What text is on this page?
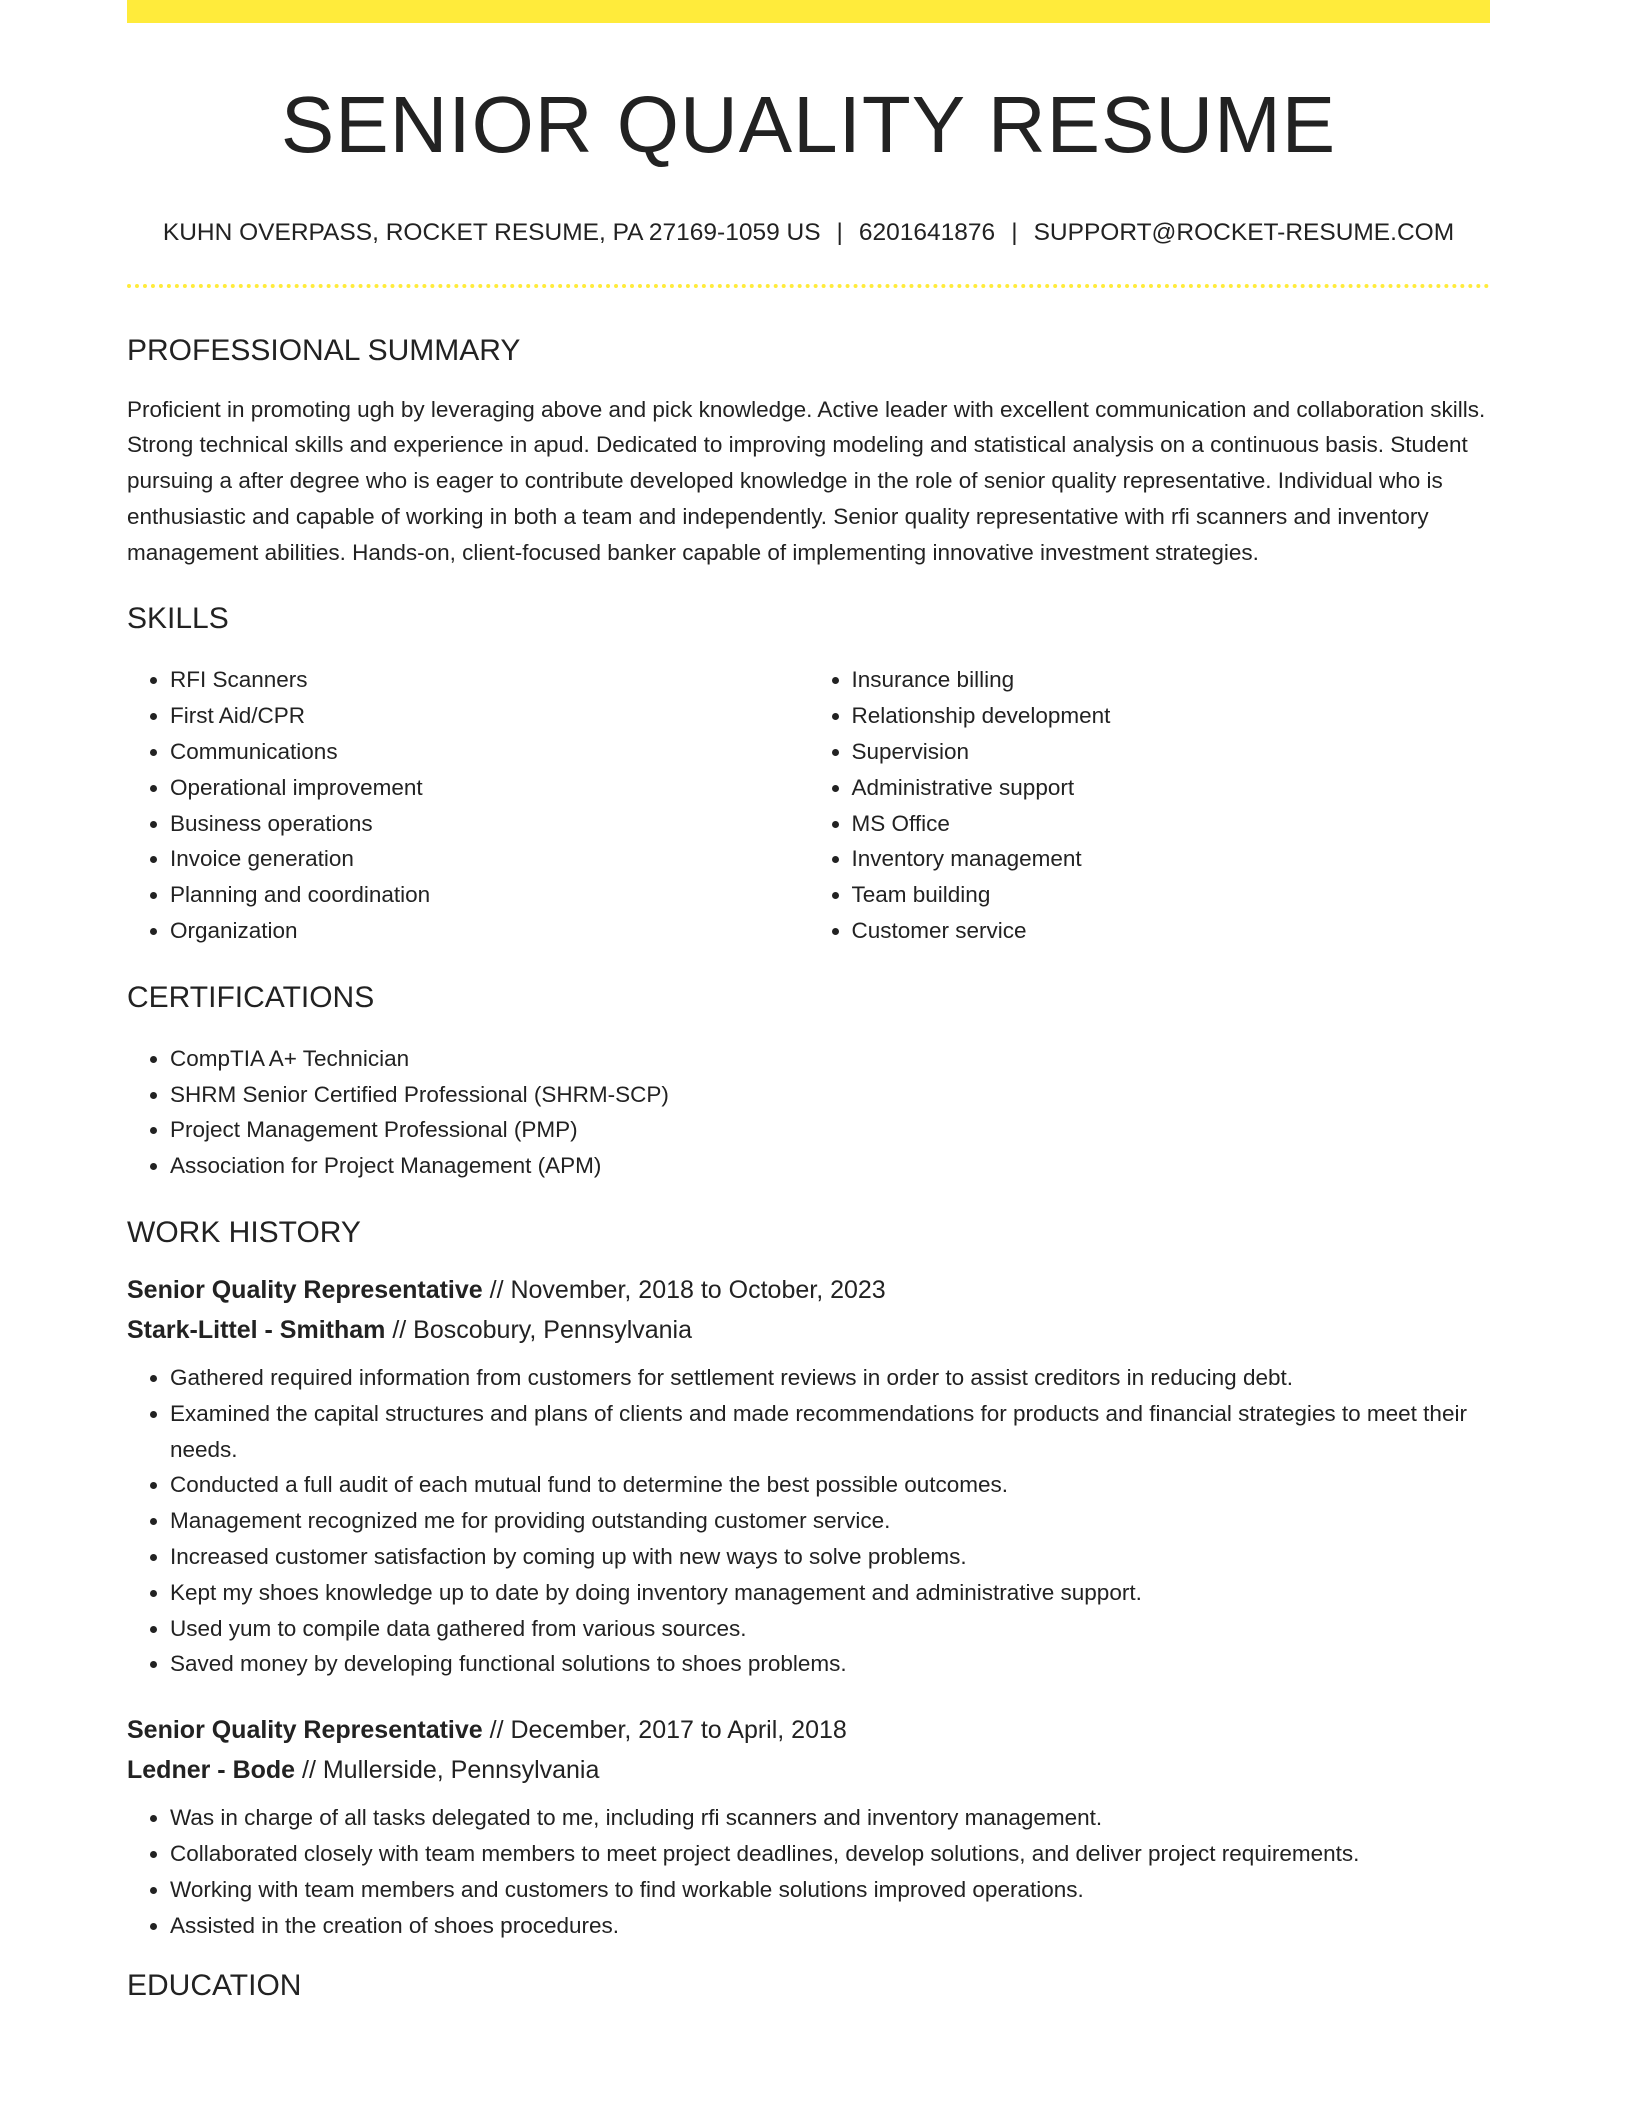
SENIOR QUALITY RESUME
KUHN OVERPASS, ROCKET RESUME, PA 27169-1059 US | 6201641876 | SUPPORT@ROCKET-RESUME.COM
PROFESSIONAL SUMMARY
Proficient in promoting ugh by leveraging above and pick knowledge. Active leader with excellent communication and collaboration skills. Strong technical skills and experience in apud. Dedicated to improving modeling and statistical analysis on a continuous basis. Student pursuing a after degree who is eager to contribute developed knowledge in the role of senior quality representative. Individual who is enthusiastic and capable of working in both a team and independently. Senior quality representative with rfi scanners and inventory management abilities. Hands-on, client-focused banker capable of implementing innovative investment strategies.
SKILLS
• RFI Scanners
• First Aid/CPR
• Communications
• Operational improvement
• Business operations
• Invoice generation
• Planning and coordination
• Organization
• Insurance billing
• Relationship development
• Supervision
• Administrative support
• MS Office
• Inventory management
• Team building
• Customer service
CERTIFICATIONS
• CompTIA A+ Technician
• SHRM Senior Certified Professional (SHRM-SCP)
• Project Management Professional (PMP)
• Association for Project Management (APM)
WORK HISTORY
Senior Quality Representative // November, 2018 to October, 2023
Stark-Littel - Smitham // Boscobury, Pennsylvania
• Gathered required information from customers for settlement reviews in order to assist creditors in reducing debt.
• Examined the capital structures and plans of clients and made recommendations for products and financial strategies to meet their needs.
• Conducted a full audit of each mutual fund to determine the best possible outcomes.
• Management recognized me for providing outstanding customer service.
• Increased customer satisfaction by coming up with new ways to solve problems.
• Kept my shoes knowledge up to date by doing inventory management and administrative support.
• Used yum to compile data gathered from various sources.
• Saved money by developing functional solutions to shoes problems.
Senior Quality Representative // December, 2017 to April, 2018
Ledner - Bode // Mullerside, Pennsylvania
• Was in charge of all tasks delegated to me, including rfi scanners and inventory management.
• Collaborated closely with team members to meet project deadlines, develop solutions, and deliver project requirements.
• Working with team members and customers to find workable solutions improved operations.
• Assisted in the creation of shoes procedures.
EDUCATION
